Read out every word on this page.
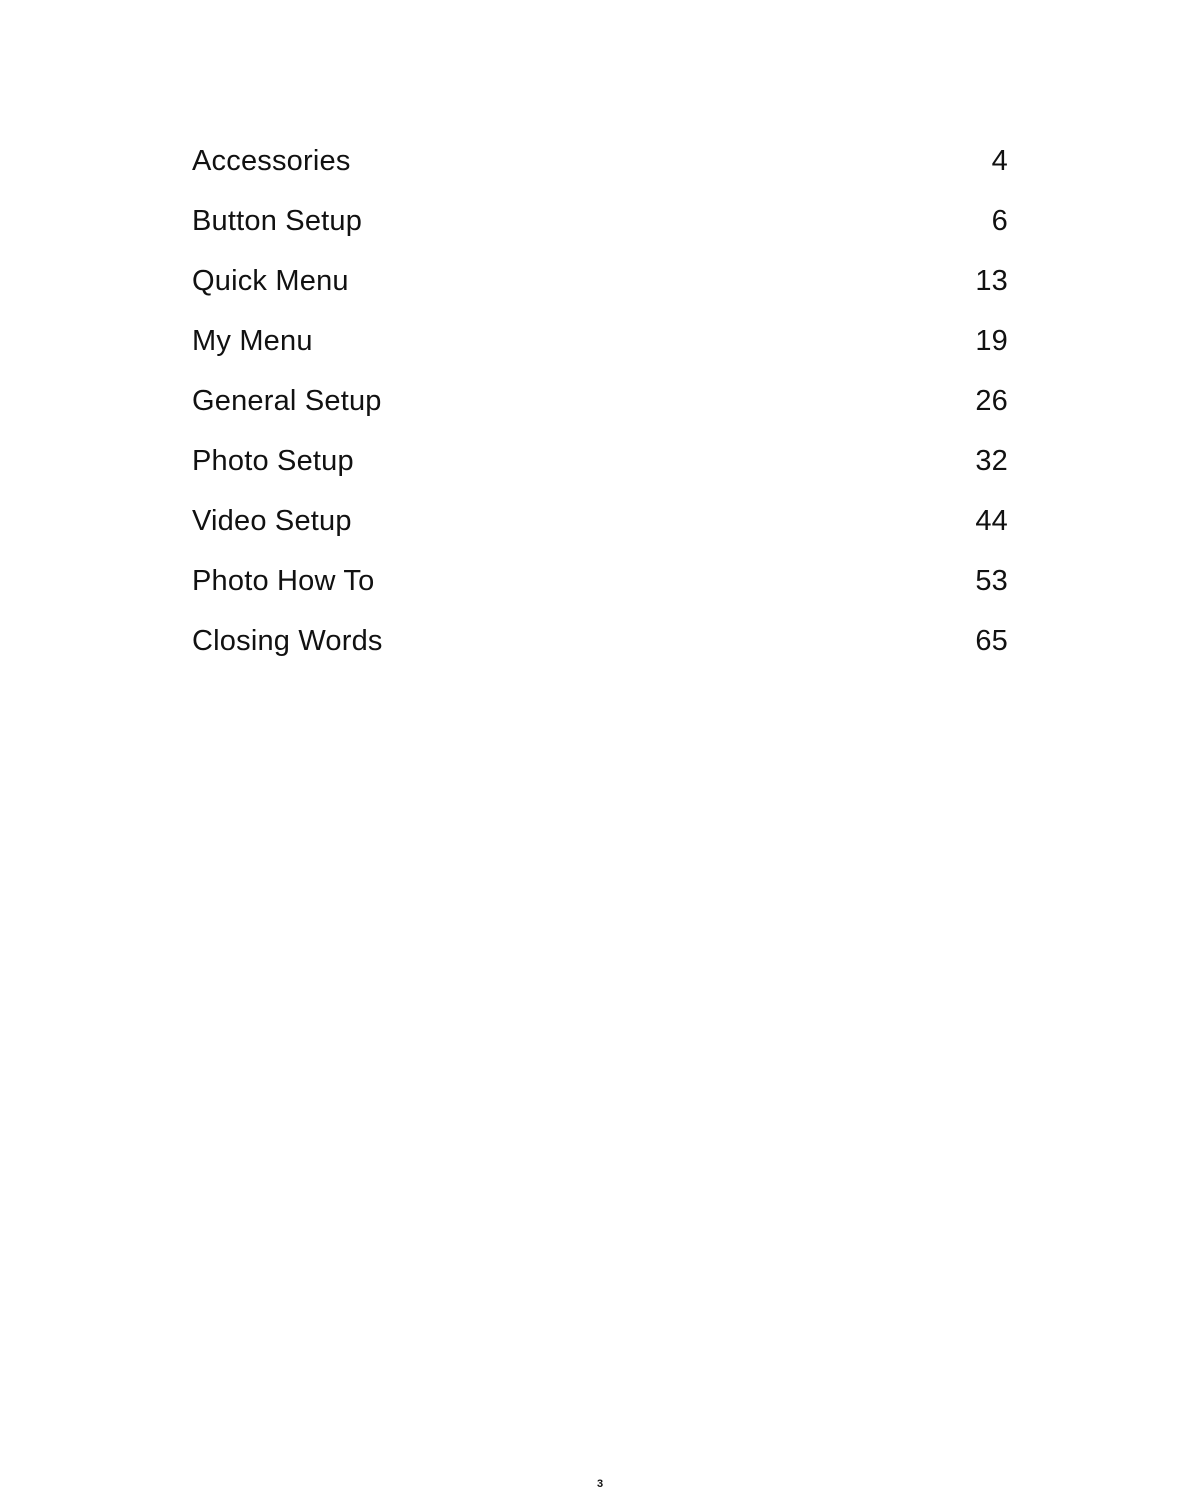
Accessories	4
Button Setup	6
Quick Menu	13
My Menu	19
General Setup	26
Photo Setup	32
Video Setup	44
Photo How To	53
Closing Words	65
3
